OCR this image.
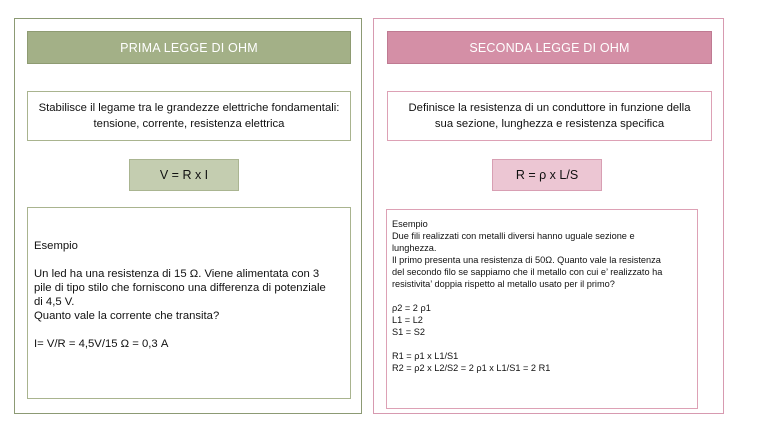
PRIMA LEGGE DI OHM
Stabilisce il legame tra le grandezze elettriche fondamentali:
tensione, corrente, resistenza elettrica
V = R x I

Esempio

Un led ha una resistenza di 15 Ω. Viene alimentata con 3

pile di tipo stilo che forniscono una differenza di potenziale

di 4,5 V.

Quanto vale la corrente che transita?

I= V/R = 4,5V/15 Ω = 0,3 A

SECONDA LEGGE DI OHM
Definisce la resistenza di un conduttore in funzione della
sua sezione, lunghezza e resistenza specifica
R = ρ x L/S

Esempio

Due fili realizzati con metalli diversi hanno uguale sezione e

lunghezza.

Il primo presenta una resistenza di 50Ω. Quanto vale la resistenza

del secondo filo se sappiamo che il metallo con cui e’ realizzato ha

resistivita’ doppia rispetto al metallo usato per il primo?

ρ2 = 2 ρ1

L1 = L2

S1 = S2

R1 = ρ1 x L1/S1

R2 = ρ2 x L2/S2 = 2 ρ1 x L1/S1 = 2 R1
